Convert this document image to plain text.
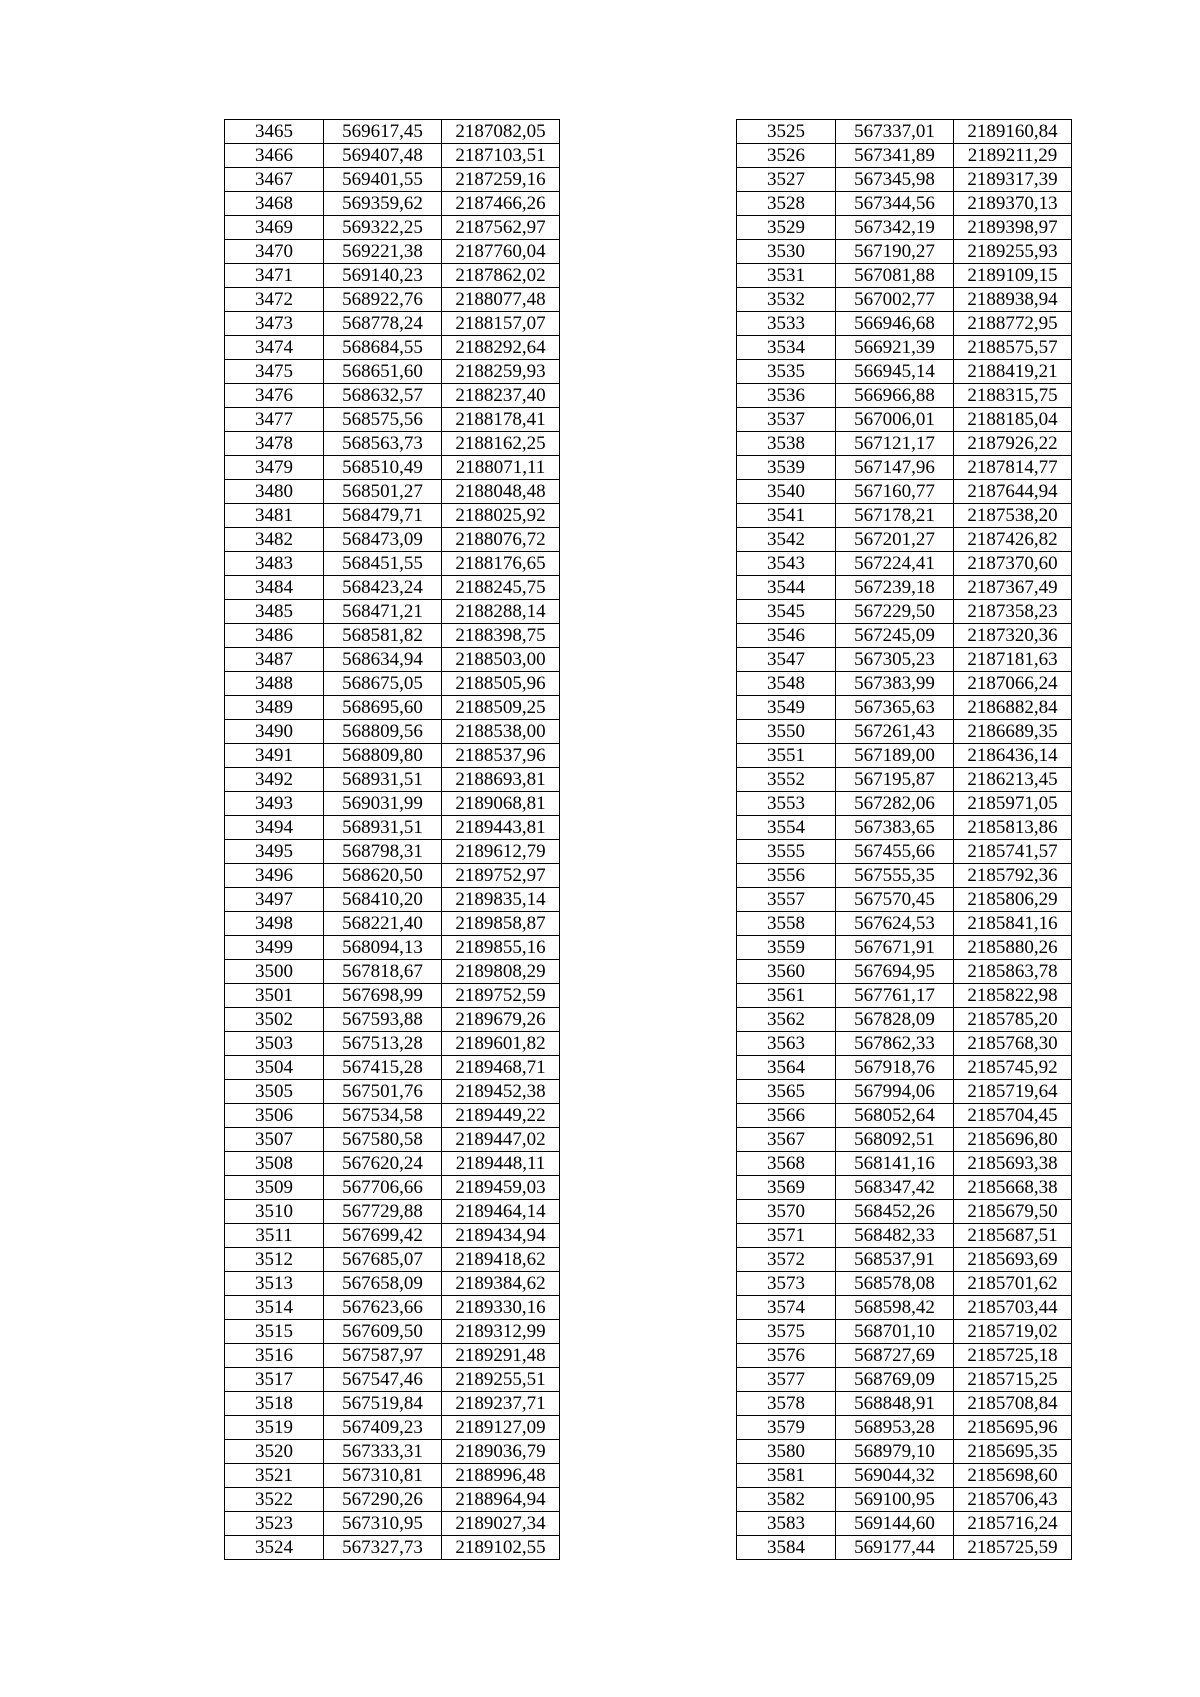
3465	569617,45	2187082,05
3466	569407,48	2187103,51
3467	569401,55	2187259,16
3468	569359,62	2187466,26
3469	569322,25	2187562,97
3470	569221,38	2187760,04
3471	569140,23	2187862,02
3472	568922,76	2188077,48
3473	568778,24	2188157,07
3474	568684,55	2188292,64
3475	568651,60	2188259,93
3476	568632,57	2188237,40
3477	568575,56	2188178,41
3478	568563,73	2188162,25
3479	568510,49	2188071,11
3480	568501,27	2188048,48
3481	568479,71	2188025,92
3482	568473,09	2188076,72
3483	568451,55	2188176,65
3484	568423,24	2188245,75
3485	568471,21	2188288,14
3486	568581,82	2188398,75
3487	568634,94	2188503,00
3488	568675,05	2188505,96
3489	568695,60	2188509,25
3490	568809,56	2188538,00
3491	568809,80	2188537,96
3492	568931,51	2188693,81
3493	569031,99	2189068,81
3494	568931,51	2189443,81
3495	568798,31	2189612,79
3496	568620,50	2189752,97
3497	568410,20	2189835,14
3498	568221,40	2189858,87
3499	568094,13	2189855,16
3500	567818,67	2189808,29
3501	567698,99	2189752,59
3502	567593,88	2189679,26
3503	567513,28	2189601,82
3504	567415,28	2189468,71
3505	567501,76	2189452,38
3506	567534,58	2189449,22
3507	567580,58	2189447,02
3508	567620,24	2189448,11
3509	567706,66	2189459,03
3510	567729,88	2189464,14
3511	567699,42	2189434,94
3512	567685,07	2189418,62
3513	567658,09	2189384,62
3514	567623,66	2189330,16
3515	567609,50	2189312,99
3516	567587,97	2189291,48
3517	567547,46	2189255,51
3518	567519,84	2189237,71
3519	567409,23	2189127,09
3520	567333,31	2189036,79
3521	567310,81	2188996,48
3522	567290,26	2188964,94
3523	567310,95	2189027,34
3524	567327,73	2189102,55
3525	567337,01	2189160,84
3526	567341,89	2189211,29
3527	567345,98	2189317,39
3528	567344,56	2189370,13
3529	567342,19	2189398,97
3530	567190,27	2189255,93
3531	567081,88	2189109,15
3532	567002,77	2188938,94
3533	566946,68	2188772,95
3534	566921,39	2188575,57
3535	566945,14	2188419,21
3536	566966,88	2188315,75
3537	567006,01	2188185,04
3538	567121,17	2187926,22
3539	567147,96	2187814,77
3540	567160,77	2187644,94
3541	567178,21	2187538,20
3542	567201,27	2187426,82
3543	567224,41	2187370,60
3544	567239,18	2187367,49
3545	567229,50	2187358,23
3546	567245,09	2187320,36
3547	567305,23	2187181,63
3548	567383,99	2187066,24
3549	567365,63	2186882,84
3550	567261,43	2186689,35
3551	567189,00	2186436,14
3552	567195,87	2186213,45
3553	567282,06	2185971,05
3554	567383,65	2185813,86
3555	567455,66	2185741,57
3556	567555,35	2185792,36
3557	567570,45	2185806,29
3558	567624,53	2185841,16
3559	567671,91	2185880,26
3560	567694,95	2185863,78
3561	567761,17	2185822,98
3562	567828,09	2185785,20
3563	567862,33	2185768,30
3564	567918,76	2185745,92
3565	567994,06	2185719,64
3566	568052,64	2185704,45
3567	568092,51	2185696,80
3568	568141,16	2185693,38
3569	568347,42	2185668,38
3570	568452,26	2185679,50
3571	568482,33	2185687,51
3572	568537,91	2185693,69
3573	568578,08	2185701,62
3574	568598,42	2185703,44
3575	568701,10	2185719,02
3576	568727,69	2185725,18
3577	568769,09	2185715,25
3578	568848,91	2185708,84
3579	568953,28	2185695,96
3580	568979,10	2185695,35
3581	569044,32	2185698,60
3582	569100,95	2185706,43
3583	569144,60	2185716,24
3584	569177,44	2185725,59
